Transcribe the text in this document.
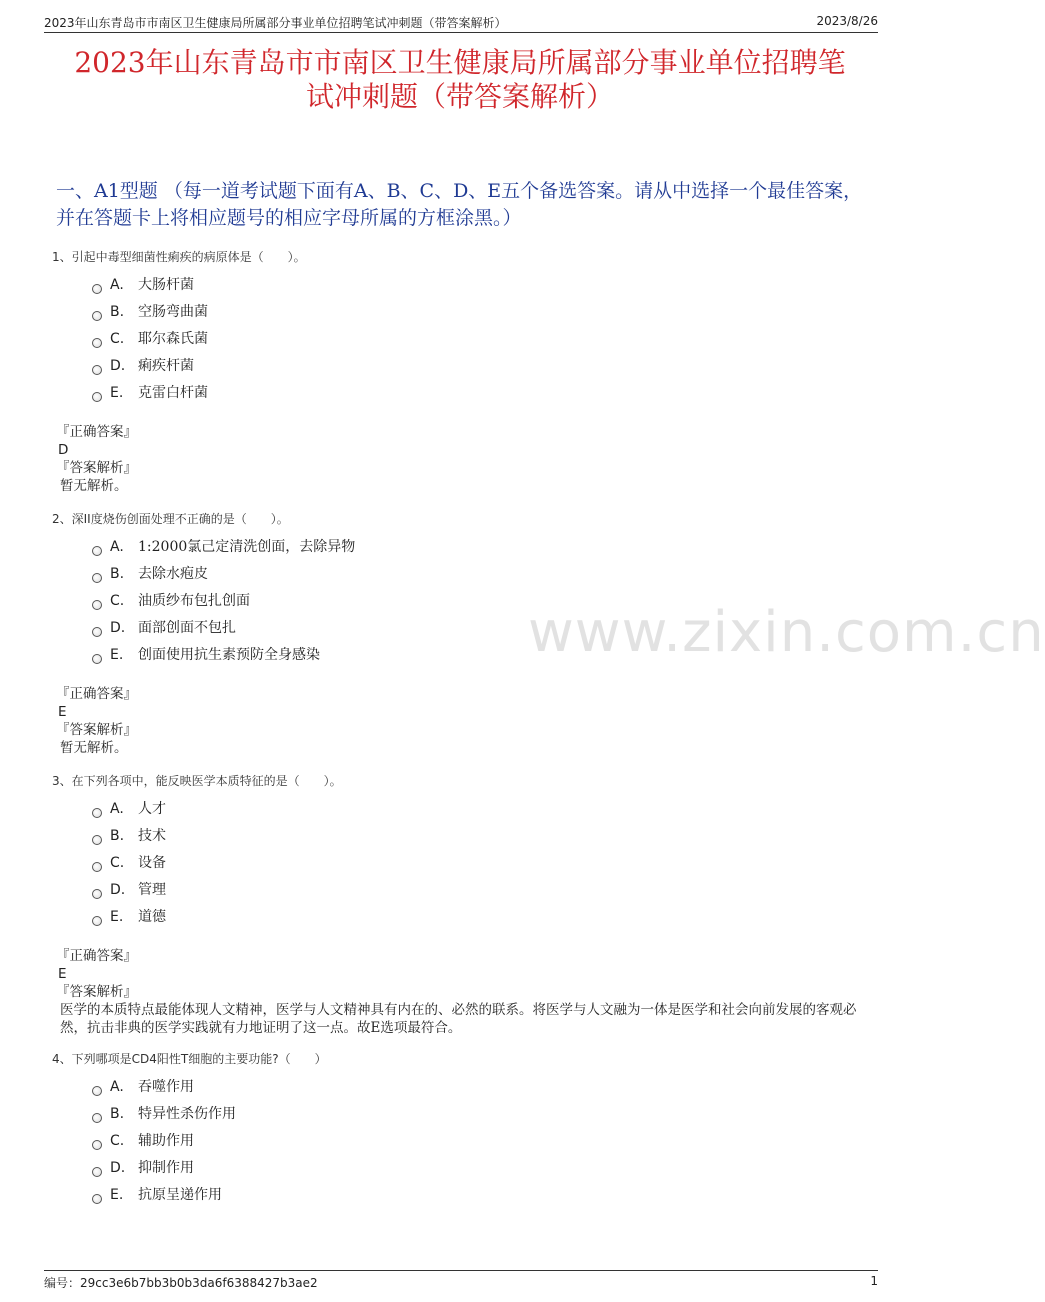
2023年山东青岛市市南区卫生健康局所属部分事业单位招聘笔试冲刺题（带答案解析）	2023/8/26
2023年山东青岛市市南区卫生健康局所属部分事业单位招聘笔
试冲刺题（带答案解析）
一、A1型题 （每一道考试题下面有A、B、C、D、E五个备选答案。请从中选择一个最佳答案，并在答题卡上将相应题号的相应字母所属的方框涂黑。）
www.zixin.com.cn
1、引起中毒型细菌性痢疾的病原体是（　　）。
A.	大肠杆菌
B. 空肠弯曲菌
C. 耶尔森氏菌
D. 痢疾杆菌
E.	克雷白杆菌
『正确答案』
D
『答案解析』
暂无解析。
2、深II度烧伤创面处理不正确的是（　　）。
A.	1:2000氯己定清洗创面，去除异物
B. 去除水疱皮
C. 油质纱布包扎创面
D. 面部创面不包扎
E.	创面使用抗生素预防全身感染
『正确答案』
E
『答案解析』
暂无解析。
3、在下列各项中，能反映医学本质特征的是（　　）。
A.	人才
B. 技术
C. 设备
D. 管理
E.	道德
『正确答案』
E
『答案解析』
医学的本质特点最能体现人文精神，医学与人文精神具有内在的、必然的联系。将医学与人文融为一体是医学和社会向前发展的客观必然，抗击非典的医学实践就有力地证明了这一点。故E选项最符合。
4、下列哪项是CD4阳性T细胞的主要功能?（　　）
A.	吞噬作用
B. 特异性杀伤作用
C. 辅助作用
D. 抑制作用
E.	抗原呈递作用
编号：29cc3e6b7bb3b0b3da6f6388427b3ae2	1
